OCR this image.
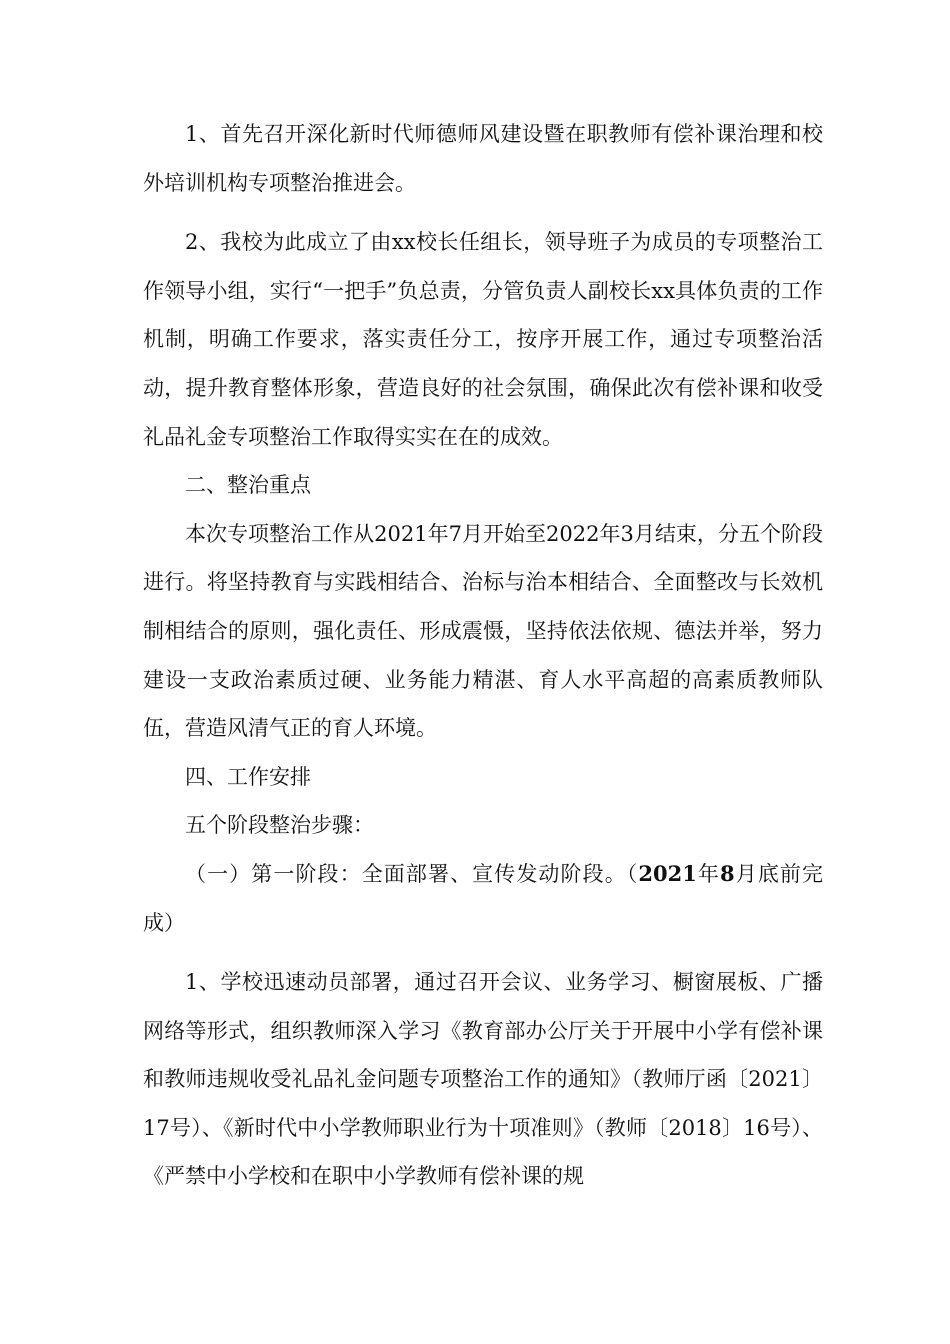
1、首先召开深化新时代师德师风建设暨在职教师有偿补课治理和校外培训机构专项整治推进会。

2、我校为此成立了由xx校长任组长，领导班子为成员的专项整治工作领导小组，实行“一把手”负总责，分管负责人副校长xx具体负责的工作机制，明确工作要求，落实责任分工，按序开展工作，通过专项整治活动，提升教育整体形象，营造良好的社会氛围，确保此次有偿补课和收受礼品礼金专项整治工作取得实实在在的成效。

二、整治重点

本次专项整治工作从2021年7月开始至2022年3月结束，分五个阶段进行。将坚持教育与实践相结合、治标与治本相结合、全面整改与长效机制相结合的原则，强化责任、形成震慑，坚持依法依规、德法并举，努力建设一支政治素质过硬、业务能力精湛、育人水平高超的高素质教师队伍，营造风清气正的育人环境。

四、工作安排

五个阶段整治步骤：

（一）第一阶段：全面部署、宣传发动阶段。（2021年8月底前完成）

1、学校迅速动员部署，通过召开会议、业务学习、橱窗展板、广播网络等形式，组织教师深入学习《教育部办公厅关于开展中小学有偿补课和教师违规收受礼品礼金问题专项整治工作的通知》（教师厅函〔2021〕17号）、《新时代中小学教师职业行为十项准则》（教师〔2018〕16号）、《严禁中小学校和在职中小学教师有偿补课的规
